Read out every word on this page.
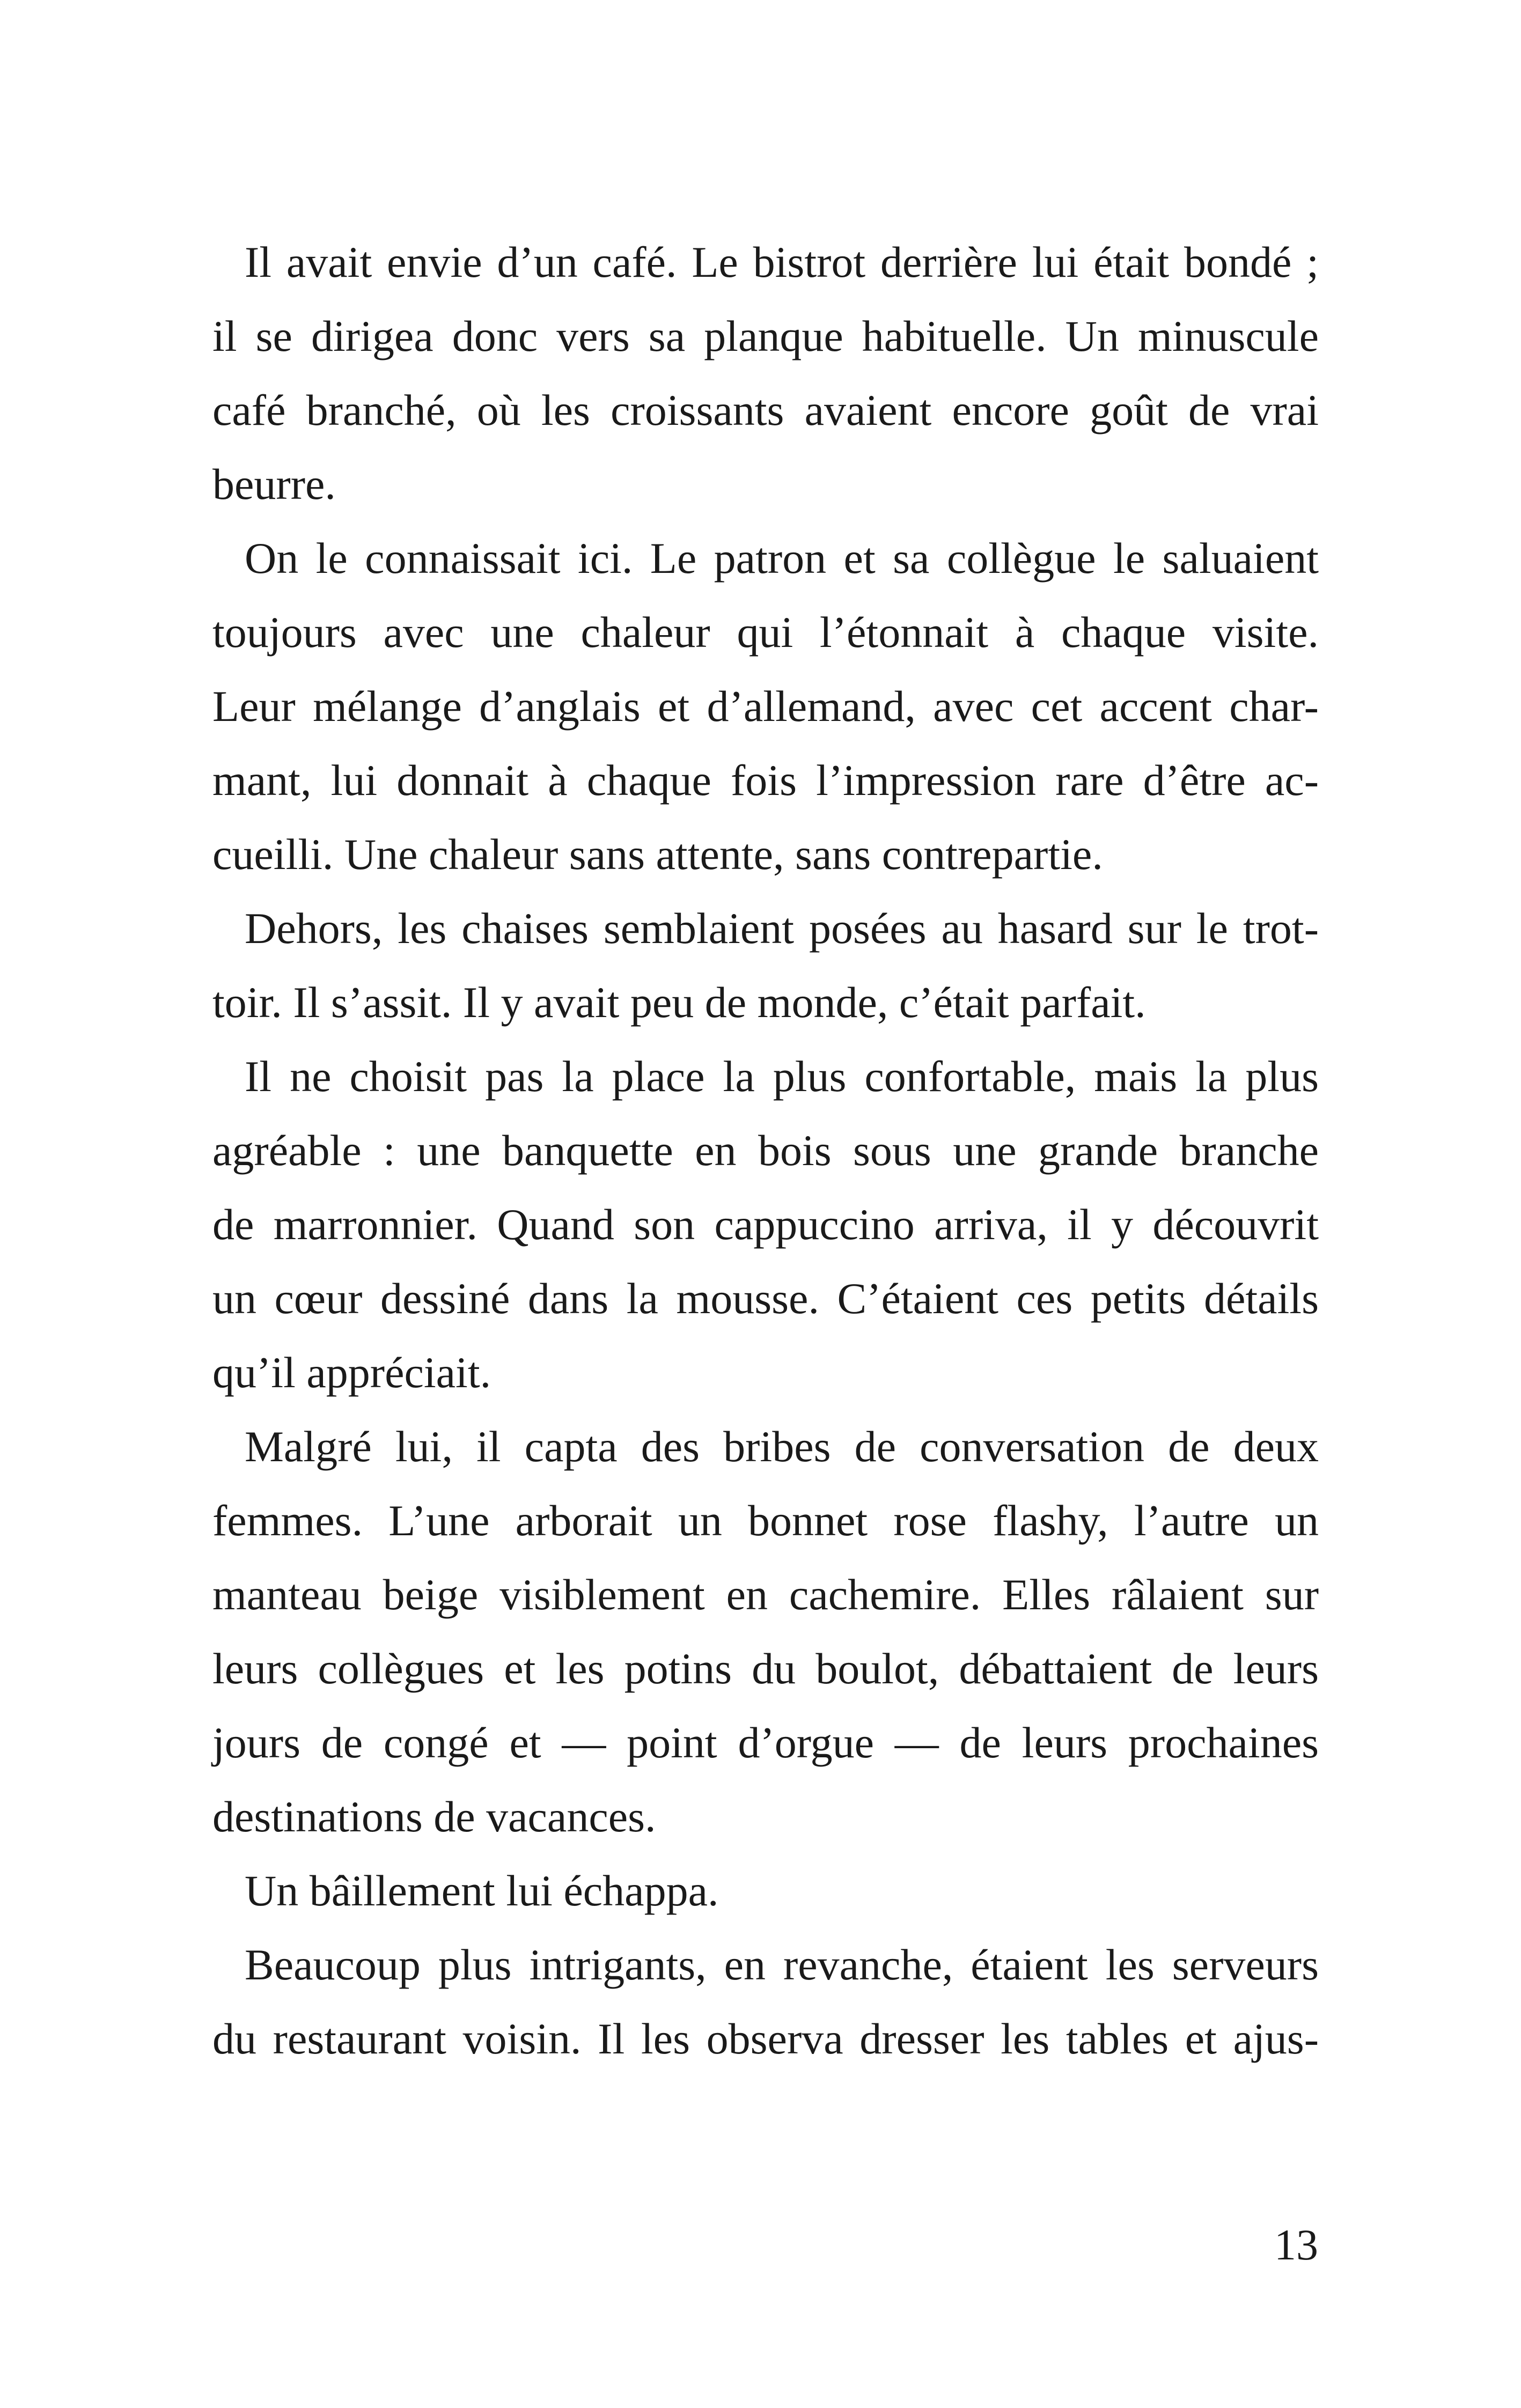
Il avait envie d’un café. Le bistrot derrière lui était bondé ;
il se dirigea donc vers sa planque habituelle. Un minuscule
café branché, où les croissants avaient encore goût de vrai
beurre.
On le connaissait ici. Le patron et sa collègue le saluaient
toujours avec une chaleur qui l’étonnait à chaque visite.
Leur mélange d’anglais et d’allemand, avec cet accent char-
mant, lui donnait à chaque fois l’impression rare d’être ac-
cueilli. Une chaleur sans attente, sans contrepartie.
Dehors, les chaises semblaient posées au hasard sur le trot-
toir. Il s’assit. Il y avait peu de monde, c’était parfait.
Il ne choisit pas la place la plus confortable, mais la plus
agréable : une banquette en bois sous une grande branche
de marronnier. Quand son cappuccino arriva, il y découvrit
un cœur dessiné dans la mousse. C’étaient ces petits détails
qu’il appréciait.
Malgré lui, il capta des bribes de conversation de deux
femmes. L’une arborait un bonnet rose flashy, l’autre un
manteau beige visiblement en cachemire. Elles râlaient sur
leurs collègues et les potins du boulot, débattaient de leurs
jours de congé et — point d’orgue — de leurs prochaines
destinations de vacances.
Un bâillement lui échappa.
Beaucoup plus intrigants, en revanche, étaient les serveurs
du restaurant voisin. Il les observa dresser les tables et ajus-
13
